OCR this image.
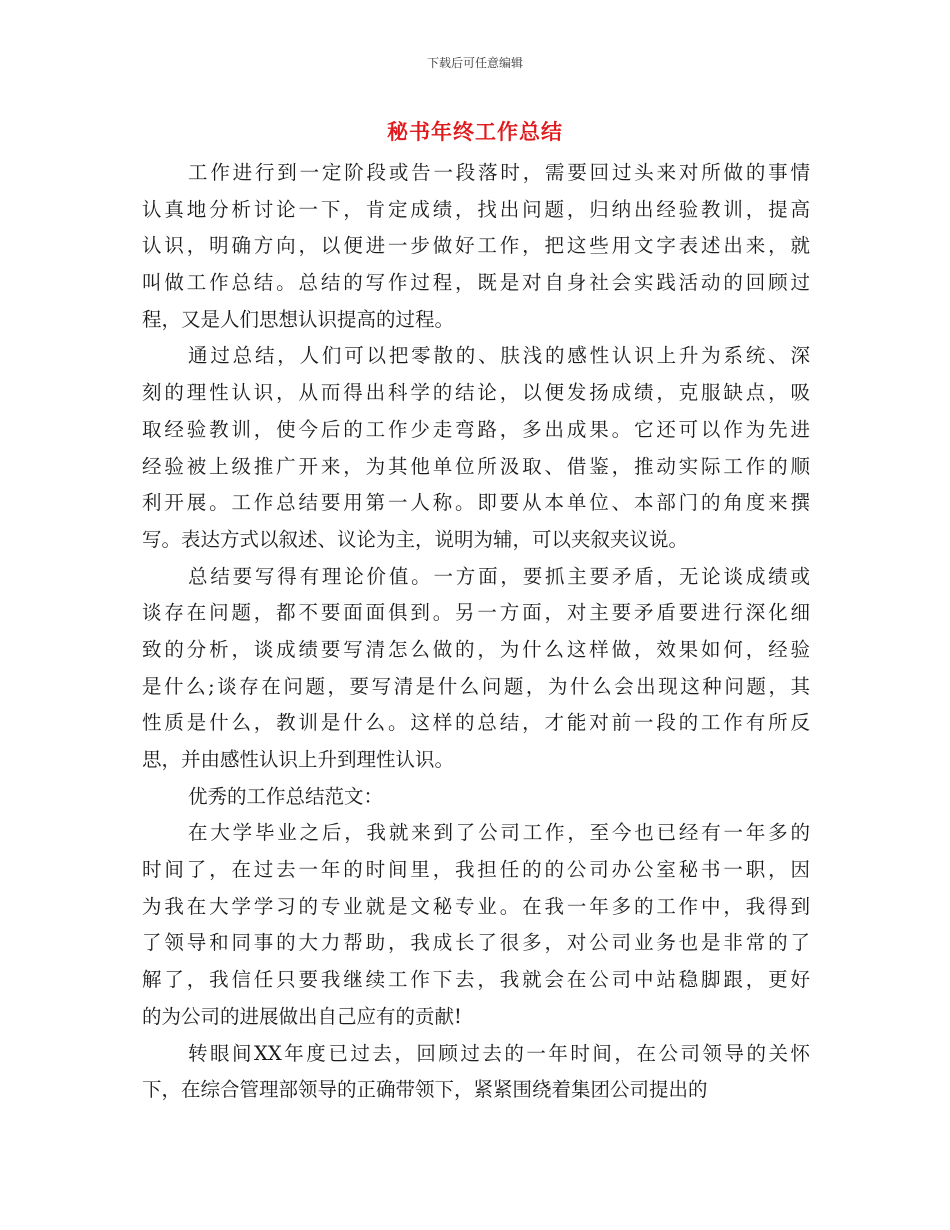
下载后可任意编辑
秘书年终工作总结
工作进行到一定阶段或告一段落时，需要回过头来对所做的事情
认真地分析讨论一下，肯定成绩，找出问题，归纳出经验教训，提高
认识，明确方向，以便进一步做好工作，把这些用文字表述出来，就
叫做工作总结。总结的写作过程，既是对自身社会实践活动的回顾过
程，又是人们思想认识提高的过程。
通过总结，人们可以把零散的、肤浅的感性认识上升为系统、深
刻的理性认识，从而得出科学的结论，以便发扬成绩，克服缺点，吸
取经验教训，使今后的工作少走弯路，多出成果。它还可以作为先进
经验被上级推广开来，为其他单位所汲取、借鉴，推动实际工作的顺
利开展。工作总结要用第一人称。即要从本单位、本部门的角度来撰
写。表达方式以叙述、议论为主，说明为辅，可以夹叙夹议说。
总结要写得有理论价值。一方面，要抓主要矛盾，无论谈成绩或
谈存在问题，都不要面面俱到。另一方面，对主要矛盾要进行深化细
致的分析，谈成绩要写清怎么做的，为什么这样做，效果如何，经验
是什么;谈存在问题，要写清是什么问题，为什么会出现这种问题，其
性质是什么，教训是什么。这样的总结，才能对前一段的工作有所反
思，并由感性认识上升到理性认识。
优秀的工作总结范文：
在大学毕业之后，我就来到了公司工作，至今也已经有一年多的
时间了，在过去一年的时间里，我担任的的公司办公室秘书一职，因
为我在大学学习的专业就是文秘专业。在我一年多的工作中，我得到
了领导和同事的大力帮助，我成长了很多，对公司业务也是非常的了
解了，我信任只要我继续工作下去，我就会在公司中站稳脚跟，更好
的为公司的进展做出自己应有的贡献!
转眼间XX年度已过去，回顾过去的一年时间，在公司领导的关怀
下，在综合管理部领导的正确带领下，紧紧围绕着集团公司提出的
